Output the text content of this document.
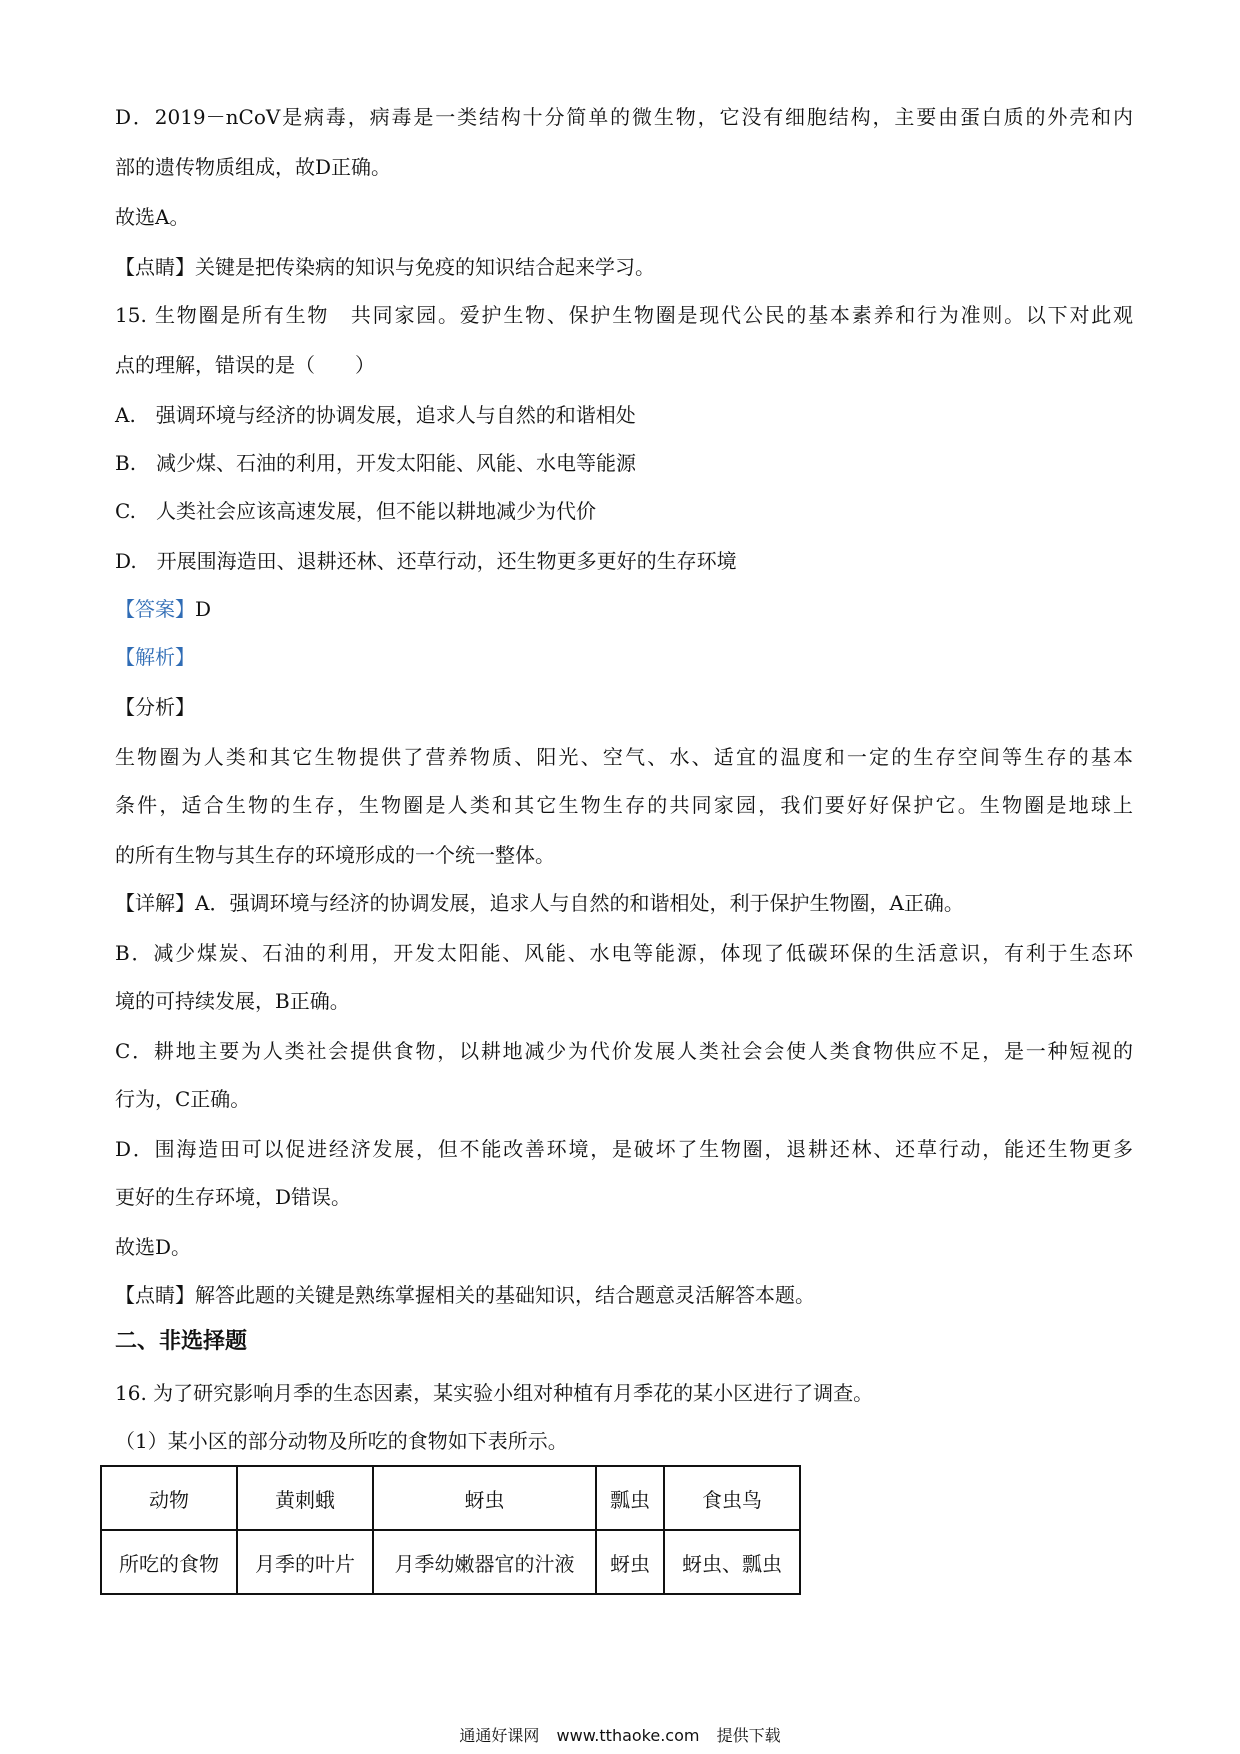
D．2019－nCoV是病毒，病毒是一类结构十分简单的微生物，它没有细胞结构，主要由蛋白质的外壳和内
部的遗传物质组成，故D正确。
故选A。
【点睛】关键是把传染病的知识与免疫的知识结合起来学习。
15. 生物圈是所有生物　共同家园。爱护生物、保护生物圈是现代公民的基本素养和行为准则。以下对此观
点的理解，错误的是（　　）
A.　强调环境与经济的协调发展，追求人与自然的和谐相处
B.　减少煤、石油的利用，开发太阳能、风能、水电等能源
C.　人类社会应该高速发展，但不能以耕地减少为代价
D.　开展围海造田、退耕还林、还草行动，还生物更多更好的生存环境
【答案】D
【解析】
【分析】
生物圈为人类和其它生物提供了营养物质、阳光、空气、水、适宜的温度和一定的生存空间等生存的基本
条件，适合生物的生存，生物圈是人类和其它生物生存的共同家园，我们要好好保护它。生物圈是地球上
的所有生物与其生存的环境形成的一个统一整体。
【详解】A．强调环境与经济的协调发展，追求人与自然的和谐相处，利于保护生物圈，A正确。
B．减少煤炭、石油的利用，开发太阳能、风能、水电等能源，体现了低碳环保的生活意识，有利于生态环
境的可持续发展，B正确。
C．耕地主要为人类社会提供食物，以耕地减少为代价发展人类社会会使人类食物供应不足，是一种短视的
行为，C正确。
D．围海造田可以促进经济发展，但不能改善环境，是破坏了生物圈，退耕还林、还草行动，能还生物更多
更好的生存环境，D错误。
故选D。
【点睛】解答此题的关键是熟练掌握相关的基础知识，结合题意灵活解答本题。
二、非选择题
16. 为了研究影响月季的生态因素，某实验小组对种植有月季花的某小区进行了调查。
（1）某小区的部分动物及所吃的食物如下表所示。
动物	黄刺蛾	蚜虫	瓢虫	食虫鸟
所吃的食物	月季的叶片	月季幼嫩器官的汁液	蚜虫	蚜虫、瓢虫
通通好课网 www.tthaoke.com 提供下载
